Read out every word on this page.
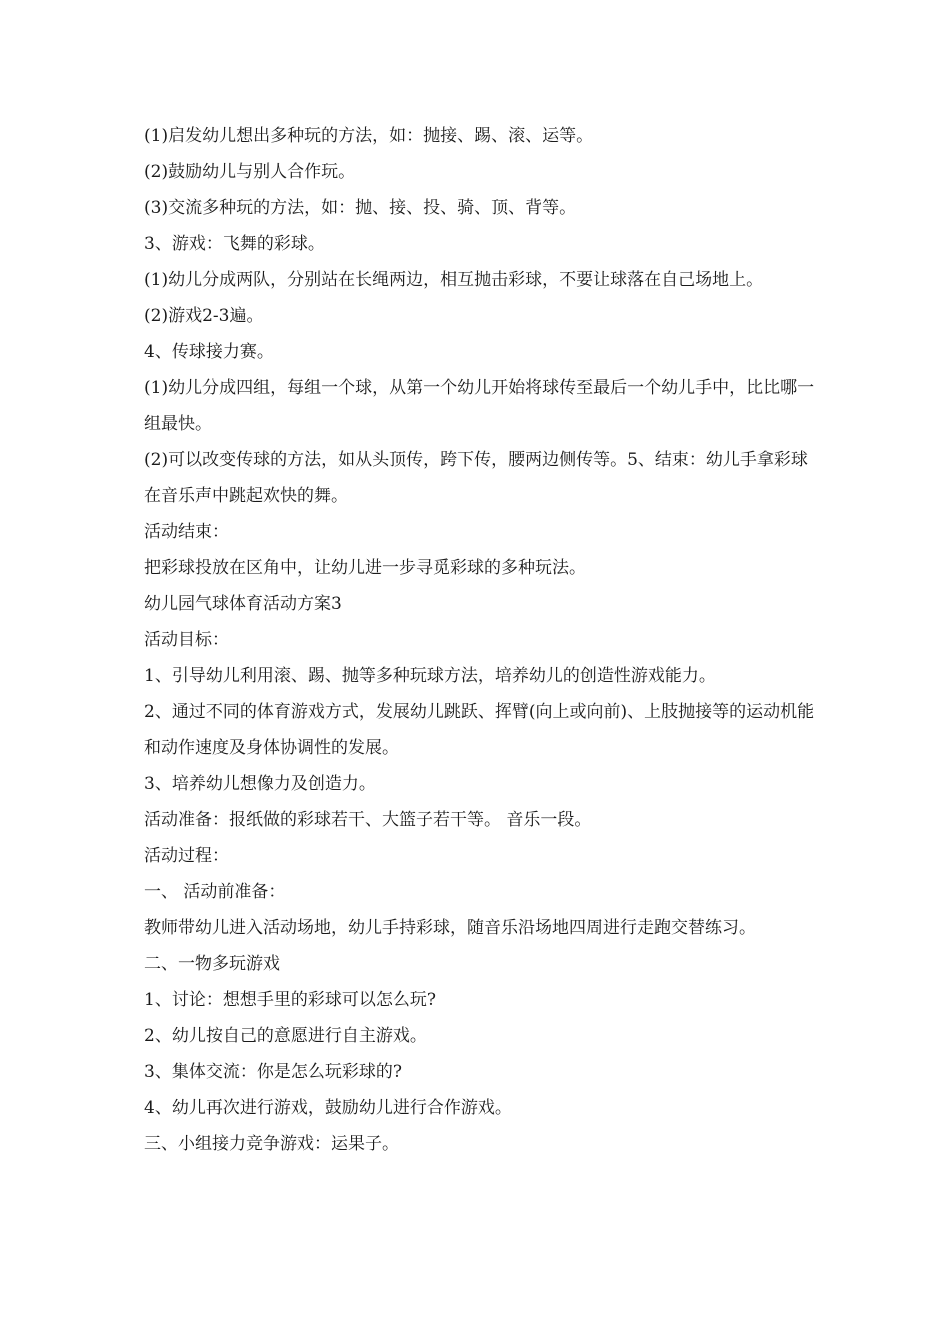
(1)启发幼儿想出多种玩的方法，如：抛接、踢、滚、运等。

(2)鼓励幼儿与别人合作玩。

(3)交流多种玩的方法，如：抛、接、投、骑、顶、背等。

3、游戏：飞舞的彩球。

(1)幼儿分成两队，分别站在长绳两边，相互抛击彩球，不要让球落在自己场地上。

(2)游戏2-3遍。

4、传球接力赛。

(1)幼儿分成四组，每组一个球，从第一个幼儿开始将球传至最后一个幼儿手中，比比哪一组最快。

(2)可以改变传球的方法，如从头顶传，跨下传，腰两边侧传等。5、结束：幼儿手拿彩球在音乐声中跳起欢快的舞。

活动结束：

把彩球投放在区角中，让幼儿进一步寻觅彩球的多种玩法。

幼儿园气球体育活动方案3

活动目标：

1、引导幼儿利用滚、踢、抛等多种玩球方法，培养幼儿的创造性游戏能力。

2、通过不同的体育游戏方式，发展幼儿跳跃、挥臂(向上或向前)、上肢抛接等的运动机能和动作速度及身体协调性的发展。

3、培养幼儿想像力及创造力。

活动准备：报纸做的彩球若干、大篮子若干等。 音乐一段。

活动过程：

一、 活动前准备：

教师带幼儿进入活动场地，幼儿手持彩球，随音乐沿场地四周进行走跑交替练习。

二、一物多玩游戏

1、讨论：想想手里的彩球可以怎么玩?

2、幼儿按自己的意愿进行自主游戏。

3、集体交流：你是怎么玩彩球的?

4、幼儿再次进行游戏，鼓励幼儿进行合作游戏。

三、小组接力竞争游戏：运果子。
